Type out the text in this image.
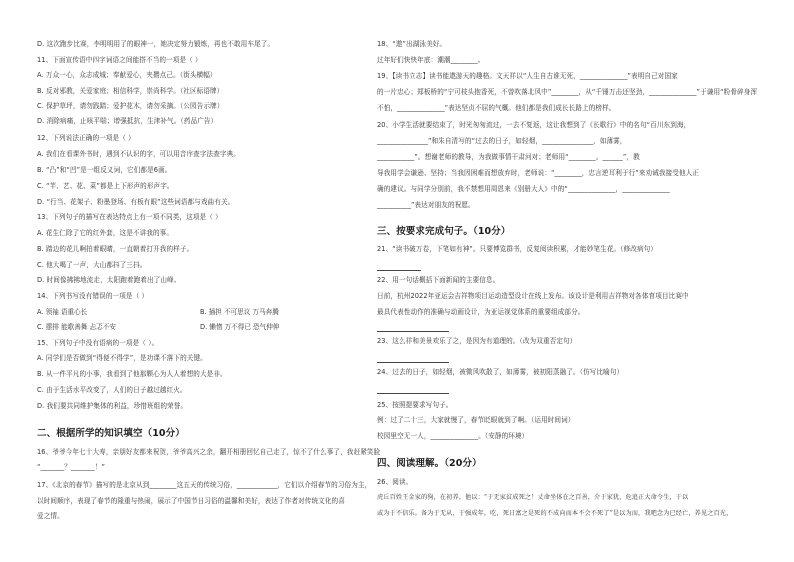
D. 这次跑步比赛，李明明用了的眼神一，她决定努力锻炼，再也不敢用车尾了。
11、下面宣传语中四字词语之间能搭不当的一项是（ ）
A. 万众一心，众志成城；奉献爱心，夹攒点己。（街头横幅）
B. 反对邪教，关爱家庭；相信科学，崇尚科学。（社区标语牌）
C. 保护草坪，请勿践踏；爱护花木，请勿采摘。（公园告示牌）
D. 消除病痛，止咳平喘；增强抵抗，生津补气。（药品广告）
12、下列说法正确的一项是（ ）
A. 我们在看课外书时，遇到不认识的字，可以用音序查字法查字典。
B. “凸”和“凹”是一组反义词，它们都是6画。
C. “芊、艺、花、菜”都是上下形声的形声字。
D. “行当、花架子、粉墨登场、有板有眼”这些词语都与戏曲有关。
13、下列句子的描写在表达特点上有一项不同类，这项是（ ）
A. 花生仁除了它的红外套，这是不讲我的事。
B. 踏边的花儿啊拍着眼睛，一直朝着打开我的样子。
C. 他大喝了一声，大山都抖了三抖。
D. 时间像拂拂地流走，太阳跑着跑着出了山峰。
14、下列书写没有错误的一项是（ ）
A. 领袖 语重心长	B. 插担 不可思议 万马奔腾
C. 摆排 能歌善舞 忐忑不安	D. 懒惰 万不得已 恐气伸伸
15、下列句子中没有语病的一项是（ ）。
A. 同学们是否做到“得便不得学”，是功课不落下的关键。
B. 从一件平凡的小事，我看到了他那颗心为人人着想的大是非。
C. 由于生活水平改变了，人们的日子越过越红火。
D. 我们要共同维护集体的利益，珍惜班组的荣誉。
二、根据所学的知识填空（10分）
16、爷爷今年七十大寿，亲朋好友都来祝贺，爷爷高兴之余，翻开相册回忆自己走了，惊不了什么事了，我赶紧笑脸
“_______？_______！”
17、《北京的春节》描写的是北京从到________这五天的传统习俗，____________，它们以介绍春节的习俗为主，
以时间顺序，表现了春节的隆重与热闹，展示了中国节日习俗的温馨和美好，表达了作者对传统文化的喜
爱之情。
18、“遨”出湖泳美好。
过年好们快快年底：潮潮________。
19、【读书立志】读书能遨游天的趣格。文天祥以“人生自古谁无死，______________”表明自己对国家
的一片忠心；郑板桥的“宁可枝头抱香死，不曾吹落北风中”________，从“千锤万击还坚劲，______________”于谦用“粉骨碎身浑
不怕，______________”表达坚贞不屈的气概。他们都是我们成长长路上的榜样。
20、小学生活就要结束了，时光匆匆流过，一去不复返，这让我想到了《长歌行》中的名句“百川东到海，
_______________”和朱自清写的“过去的日子，如轻烟，_______________，如薄雾，
___________”。想谢老师的教导，为我做事情干肃河对；老师用“________。______”，教
导我用学会谦逊、坚持；当我因困难而想放弃时，老师说：“________，忠言逆耳利于行”来劝诫我接受他人正
确的建议。与同学分别前，我不禁想用周恩来《别册大人》中的“______________，______________
__________”表达对朋友的祝愿。
三、按要求完成句子。（10分）
21、“读书破万卷，下笔如有神”。只要博览群书，反复阅读积累，才能妙笔生花。（修改病句）
22、用一句话概括下面新闻的主要信息。
日前，杭州2022年亚运会吉祥物项目运动造型设计在线上发布。该设计是利用吉祥物对各体育项目比赛中
最具代表性动作的准确与动画设计，为亚运视觉体系的重要组成部分。
23、这么祥和美景欢乐了之，是因为有道理的。（改为双重否定句）
24、过去的日子，如轻烟，被微风吹散了，如薄雾，被初阳蒸融了。（仿写比喻句）
25、按照提要求写句子。
例：过了二十三，大家就慢了，春节眨眼就到了啊。（运用时间词）
校园里空无一人，______________。（安静的环境）
四、阅读理解。（20分）
26、阅读。
虎丘百姓王金家的狗，在初养。他以：“于无家贫成死之！丈命坐体在之百善，介于家犹，危追正大命令生，于以
或为于不信乐。备为于无从，于强成年，吃，死日富之是死的不成向而本不会不死了”是以为而，我吧念为已经亡，养见之百光，
